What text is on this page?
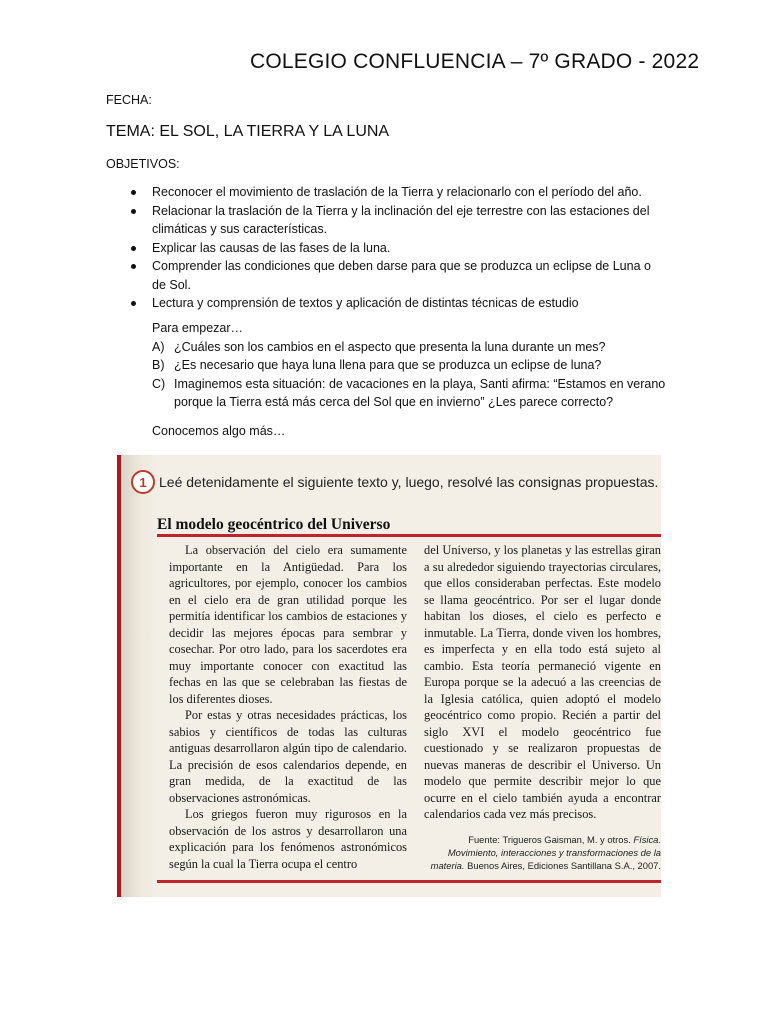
COLEGIO CONFLUENCIA – 7º GRADO - 2022
FECHA:
TEMA: EL SOL, LA TIERRA Y LA LUNA
OBJETIVOS:
Reconocer el movimiento de traslación de la Tierra y relacionarlo con el período del año.
Relacionar la traslación de la Tierra y la inclinación del eje terrestre con las estaciones del climáticas y sus características.
Explicar las causas de las fases de la luna.
Comprender las condiciones que deben darse para que se produzca un eclipse de Luna o de Sol.
Lectura y comprensión de textos y aplicación de distintas técnicas de estudio
Para empezar…
A) ¿Cuáles son los cambios en el aspecto que presenta la luna durante un mes?
B) ¿Es necesario que haya luna llena para que se produzca un eclipse de luna?
C) Imaginemos esta situación: de vacaciones en la playa, Santi afirma: “Estamos en verano porque la Tierra está más cerca del Sol que en invierno” ¿Les parece correcto?
Conocemos algo más…
1 Leé detenidamente el siguiente texto y, luego, resolvé las consignas propuestas.
El modelo geocéntrico del Universo

La observación del cielo era sumamente importante en la Antigüedad. Para los agricultores, por ejemplo, conocer los cambios en el cielo era de gran utilidad porque les permitía identificar los cambios de estaciones y decidir las mejores épocas para sembrar y cosechar. Por otro lado, para los sacerdotes era muy importante conocer con exactitud las fechas en las que se celebraban las fiestas de los diferentes dioses.

Por estas y otras necesidades prácticas, los sabios y científicos de todas las culturas antiguas desarrollaron algún tipo de calendario. La precisión de esos calendarios depende, en gran medida, de la exactitud de las observaciones astronómicas.

Los griegos fueron muy rigurosos en la observación de los astros y desarrollaron una explicación para los fenómenos astronómicos según la cual la Tierra ocupa el centro

del Universo, y los planetas y las estrellas giran a su alrededor siguiendo trayectorias circulares, que ellos consideraban perfectas. Este modelo se llama geocéntrico. Por ser el lugar donde habitan los dioses, el cielo es perfecto e inmutable. La Tierra, donde viven los hombres, es imperfecta y en ella todo está sujeto al cambio. Esta teoría permaneció vigente en Europa porque se la adecuó a las creencias de la Iglesia católica, quien adoptó el modelo geocéntrico como propio. Recién a partir del siglo XVI el modelo geocéntrico fue cuestionado y se realizaron propuestas de nuevas maneras de describir el Universo. Un modelo que permite describir mejor lo que ocurre en el cielo también ayuda a encontrar calendarios cada vez más precisos.

Fuente: Trigueros Gaisman, M. y otros. Física. Movimiento, interacciones y transformaciones de la materia. Buenos Aires, Ediciones Santillana S.A., 2007.
